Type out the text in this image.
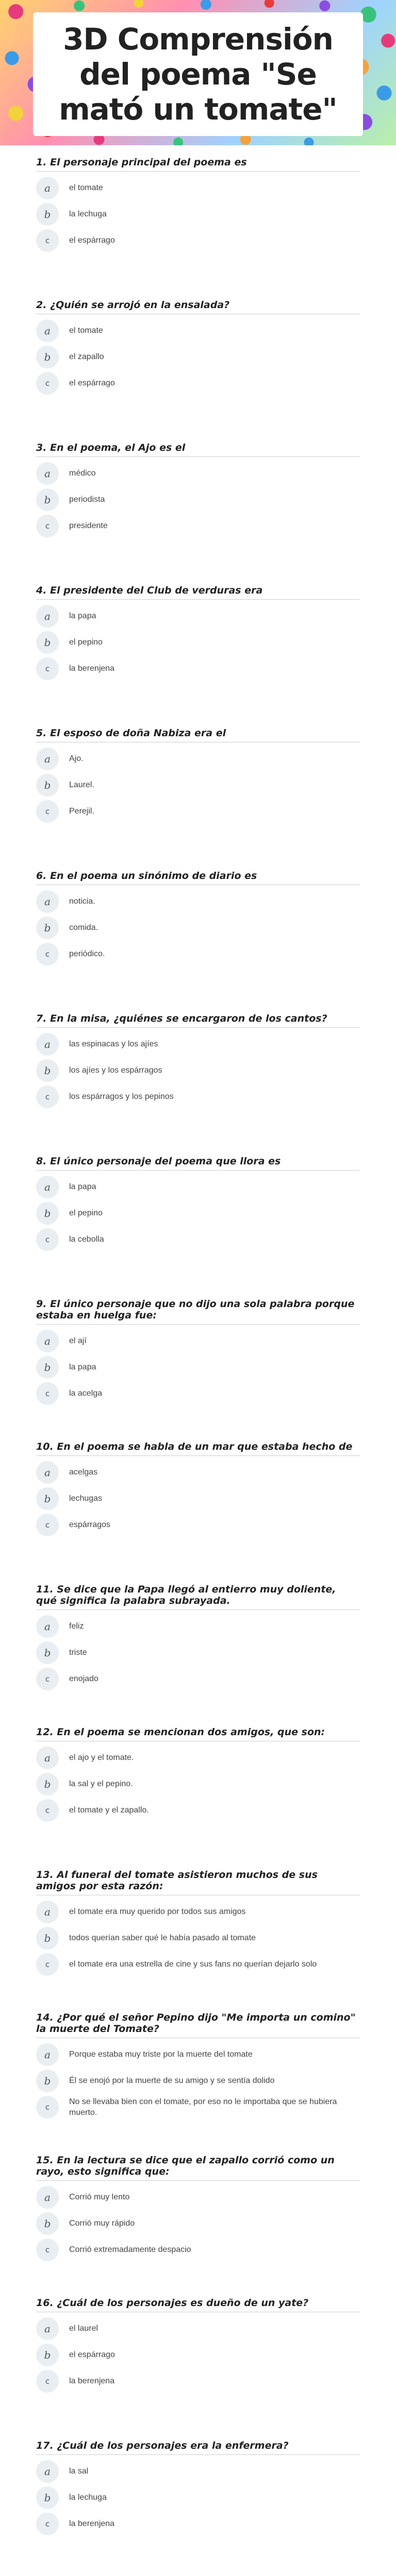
3D Comprensión del poema "Se mató un tomate"
1. El personaje principal del poema es
a	el tomate
b	la lechuga
c	el espárrago
2. ¿Quién se arrojó en la ensalada?
a	el tomate
b	el zapallo
c	el espárrago
3. En el poema, el Ajo es el
a	médico
b	periodista
c	presidente
4. El presidente del Club de verduras era
a	la papa
b	el pepino
c	la berenjena
5. El esposo de doña Nabiza era el
a	Ajo.
b	Laurel.
c	Perejil.
6. En el poema un sinónimo de diario es
a	noticia.
b	comida.
c	periódico.
7. En la misa, ¿quiénes se encargaron de los cantos?
a	las espinacas y los ajíes
b	los ajíes y los espárragos
c	los espárragos y los pepinos
8. El único personaje del poema que llora es
a	la papa
b	el pepino
c	la cebolla
9. El único personaje que no dijo una sola palabra porque estaba en huelga fue:
a	el ají
b	la papa
c	la acelga
10. En el poema se habla de un mar que estaba hecho de
a	acelgas
b	lechugas
c	espárragos
11. Se dice que la Papa llegó al entierro muy doliente, qué significa la palabra subrayada.
a	feliz
b	triste
c	enojado
12. En el poema se mencionan dos amigos, que son:
a	el ajo y el tomate.
b	la sal y el pepino.
c	el tomate y el zapallo.
13. Al funeral del tomate asistieron muchos de sus amigos por esta razón:
a	el tomate era muy querido por todos sus amigos
b	todos querían saber qué le había pasado al tomate
c	el tomate era una estrella de cine y sus fans no querían dejarlo solo
14. ¿Por qué el señor Pepino dijo "Me importa un comino" la muerte del Tomate?
a	Porque estaba muy triste por la muerte del tomate
b	Él se enojó por la muerte de su amigo y se sentía dolido
c
No se llevaba bien con el tomate, por eso no le importaba que se hubiera muerto.
15. En la lectura se dice que el zapallo corrió como un rayo, esto significa que:
a	Corrió muy lento
b	Corrió muy rápido
c	Corrió extremadamente despacio
16. ¿Cuál de los personajes es dueño de un yate?
a	el laurel
b	el espárrago
c	la berenjena
17. ¿Cuál de los personajes era la enfermera?
a	la sal
b	la lechuga
c	la berenjena
